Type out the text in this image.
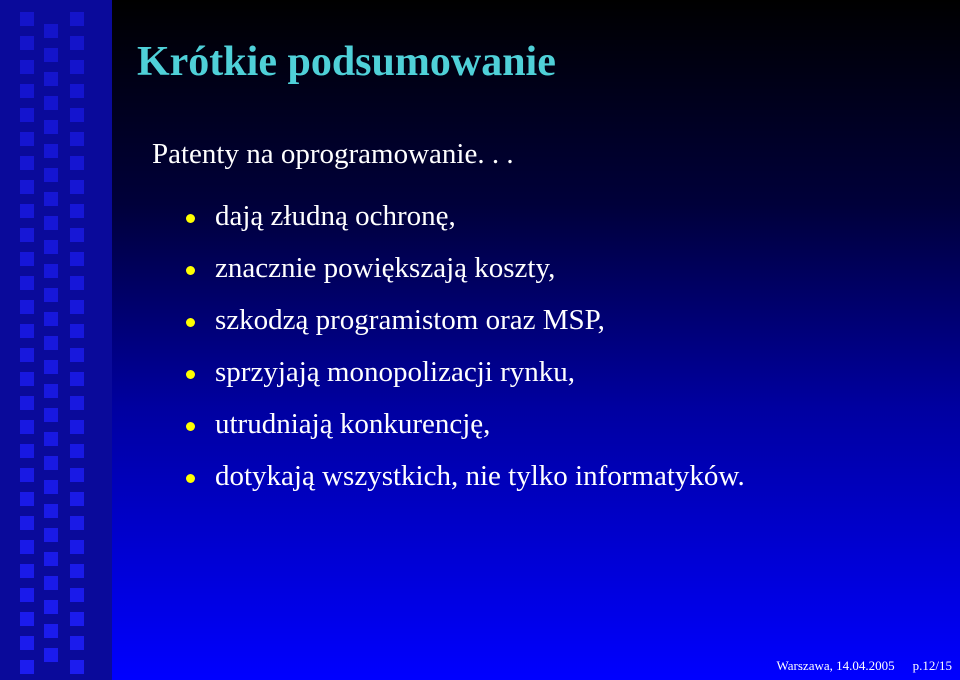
Krótkie podsumowanie

Patenty na oprogramowanie. . .

dają złudną ochronę,
znacznie powiększają koszty,
szkodzą programistom oraz MSP,
sprzyjają monopolizacji rynku,
utrudniają konkurencję,
dotykają wszystkich, nie tylko informatyków.
Warszawa, 14.04.2005 p.12/15
